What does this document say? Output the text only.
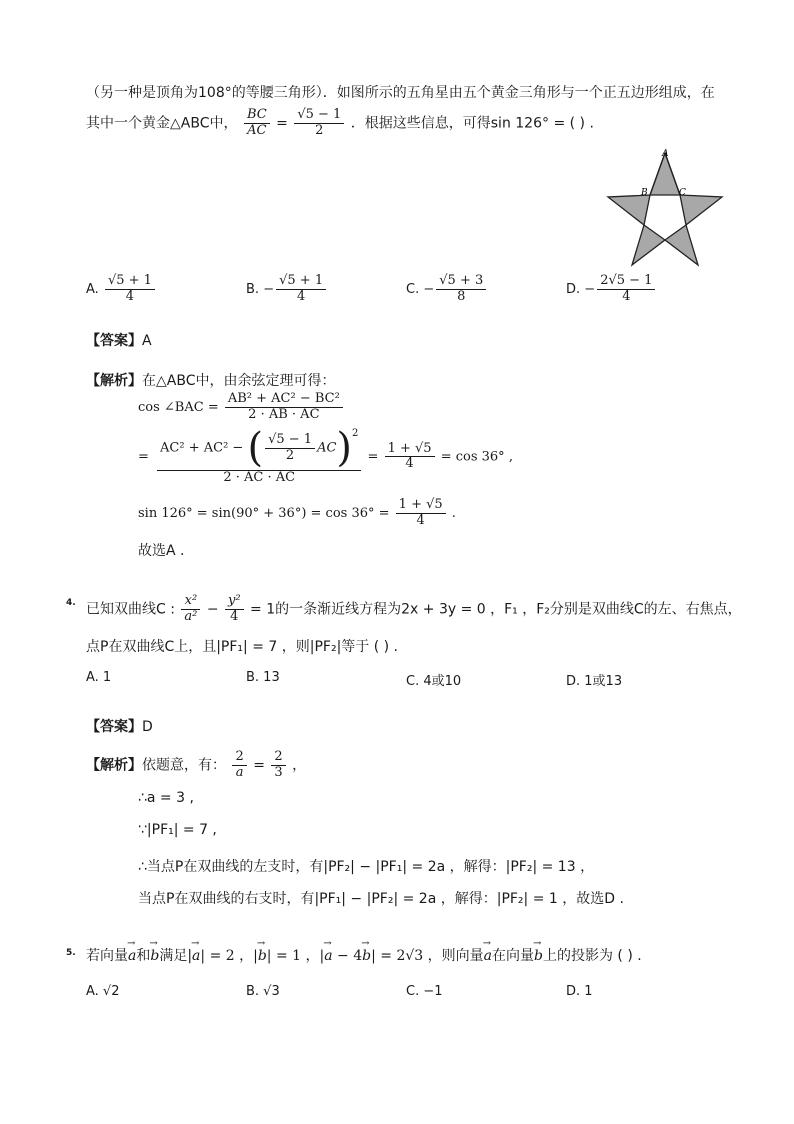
（另一种是顶角为108°的等腰三角形）．如图所示的五角星由五个黄金三角形与一个正五边形组成，在
其中一个黄金△ABC中， $\frac{BC}{AC} = \frac{√5 - 1}{2}$ ．根据这些信息，可得sin 126° = ( ) .
A
B	C
A. $\frac{√5 + 1}{4}$	B. − $\frac{√5 + 1}{4}$	C. − $\frac{√5 + 3}{8}$	D. − $\frac{2√5 - 1}{4}$
【答案】A
【解析】在△ABC中，由余弦定理可得：
cos ∠BAC = $\frac{\text{AB² + AC² − BC²}}{2 \cdot AB \cdot AC}$
= $\frac{AC^2 + AC^2 - ( \frac{√5 - 1}{2} AC)^2}{2 \cdot AC \cdot AC} = \frac{1 + √5}{4} = \cos 36^\circ$ ,
$\sin 126^\circ = \sin(90^\circ + 36^\circ) = \cos 36^\circ = \frac{1 + √5}{4}$ .
故选A .
4. 已知双曲线C : $\frac{\text{x²}}{\text{a²}} - \frac{\text{y²}}{4} = 1$的一条渐近线方程为2x + 3y = 0 ，F₁ ，F₂分别是双曲线C的左、右焦点，
点P在双曲线C上，且|PF₁| = 7 ，则|PF₂|等于 ( ) .
A. 1	B. 13	C. 4或10	D. 1或13
【答案】D
【解析】依题意，有： $\frac{2}{a} = \frac{2}{3}$ ，
∴a = 3 ,
∵|PF₁| = 7 ,
∴当点P在双曲线的左支时，有|PF₂| − |PF₁| = 2a ，解得：|PF₂| = 13 ，
当点P在双曲线的右支时，有|PF₁| − |PF₂| = 2a ，解得：|PF₂| = 1 ，故选D .
5. 若向量→ a和→ b满足|→ a| = 2 ，|→ b| = 1 ，|→ a − 4→ b| = 2√3 ，则向量→ a在向量→ b上的投影为 ( ) .
A. √2	B. √3	C. −1	D. 1
